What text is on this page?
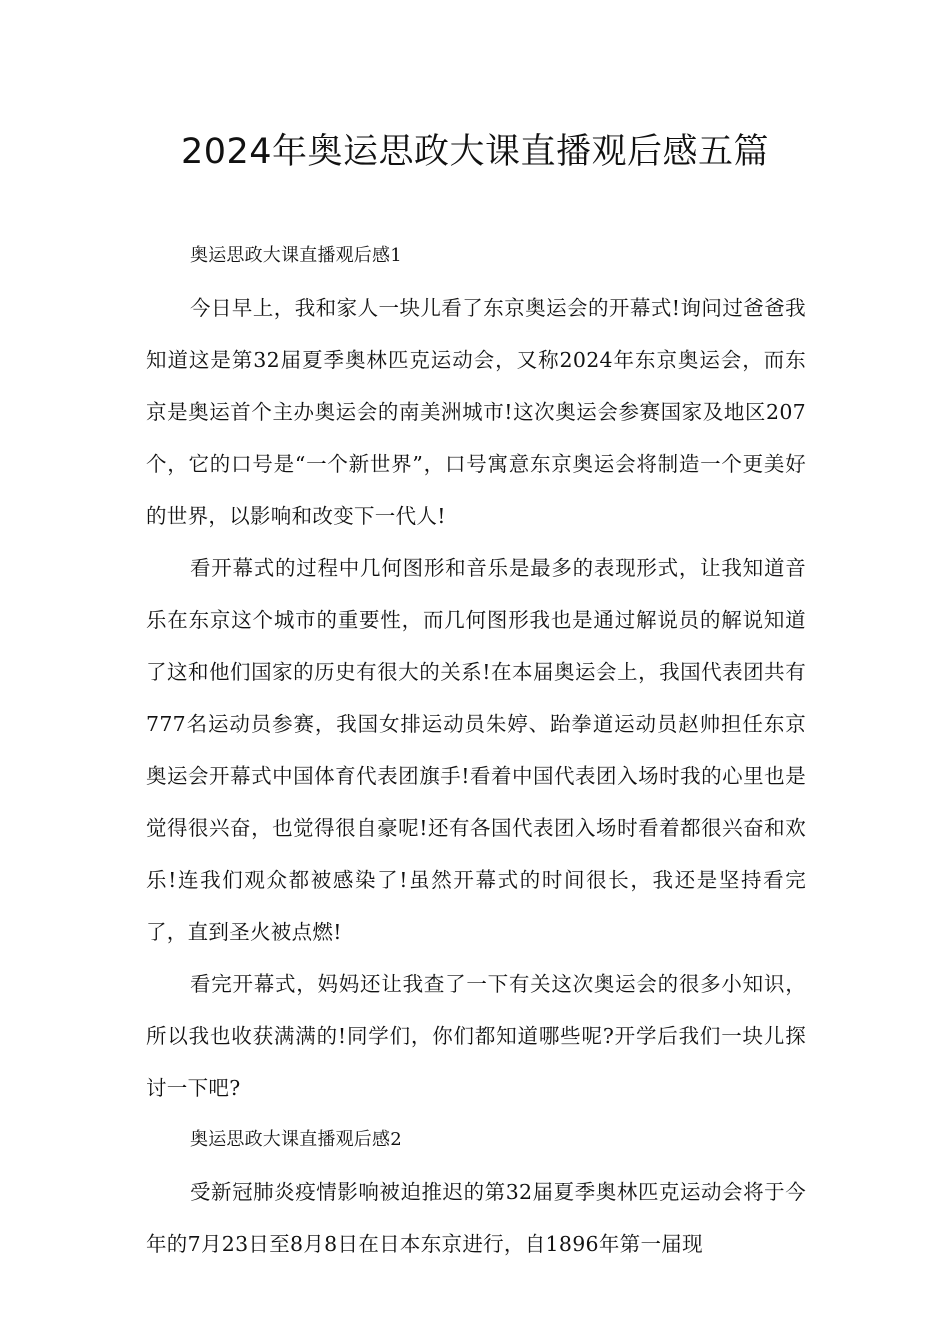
2024年奥运思政大课直播观后感五篇

奥运思政大课直播观后感1

今日早上，我和家人一块儿看了东京奥运会的开幕式!询问过爸爸我知道这是第32届夏季奥林匹克运动会，又称2024年东京奥运会，而东京是奥运首个主办奥运会的南美洲城市!这次奥运会参赛国家及地区207个，它的口号是“一个新世界”，口号寓意东京奥运会将制造一个更美好的世界，以影响和改变下一代人!

看开幕式的过程中几何图形和音乐是最多的表现形式，让我知道音乐在东京这个城市的重要性，而几何图形我也是通过解说员的解说知道了这和他们国家的历史有很大的关系!在本届奥运会上，我国代表团共有777名运动员参赛，我国女排运动员朱婷、跆拳道运动员赵帅担任东京奥运会开幕式中国体育代表团旗手!看着中国代表团入场时我的心里也是觉得很兴奋，也觉得很自豪呢!还有各国代表团入场时看着都很兴奋和欢乐!连我们观众都被感染了!虽然开幕式的时间很长，我还是坚持看完了，直到圣火被点燃!

看完开幕式，妈妈还让我查了一下有关这次奥运会的很多小知识，所以我也收获满满的!同学们，你们都知道哪些呢?开学后我们一块儿探讨一下吧?

奥运思政大课直播观后感2

受新冠肺炎疫情影响被迫推迟的第32届夏季奥林匹克运动会将于今年的7月23日至8月8日在日本东京进行，自1896年第一届现
